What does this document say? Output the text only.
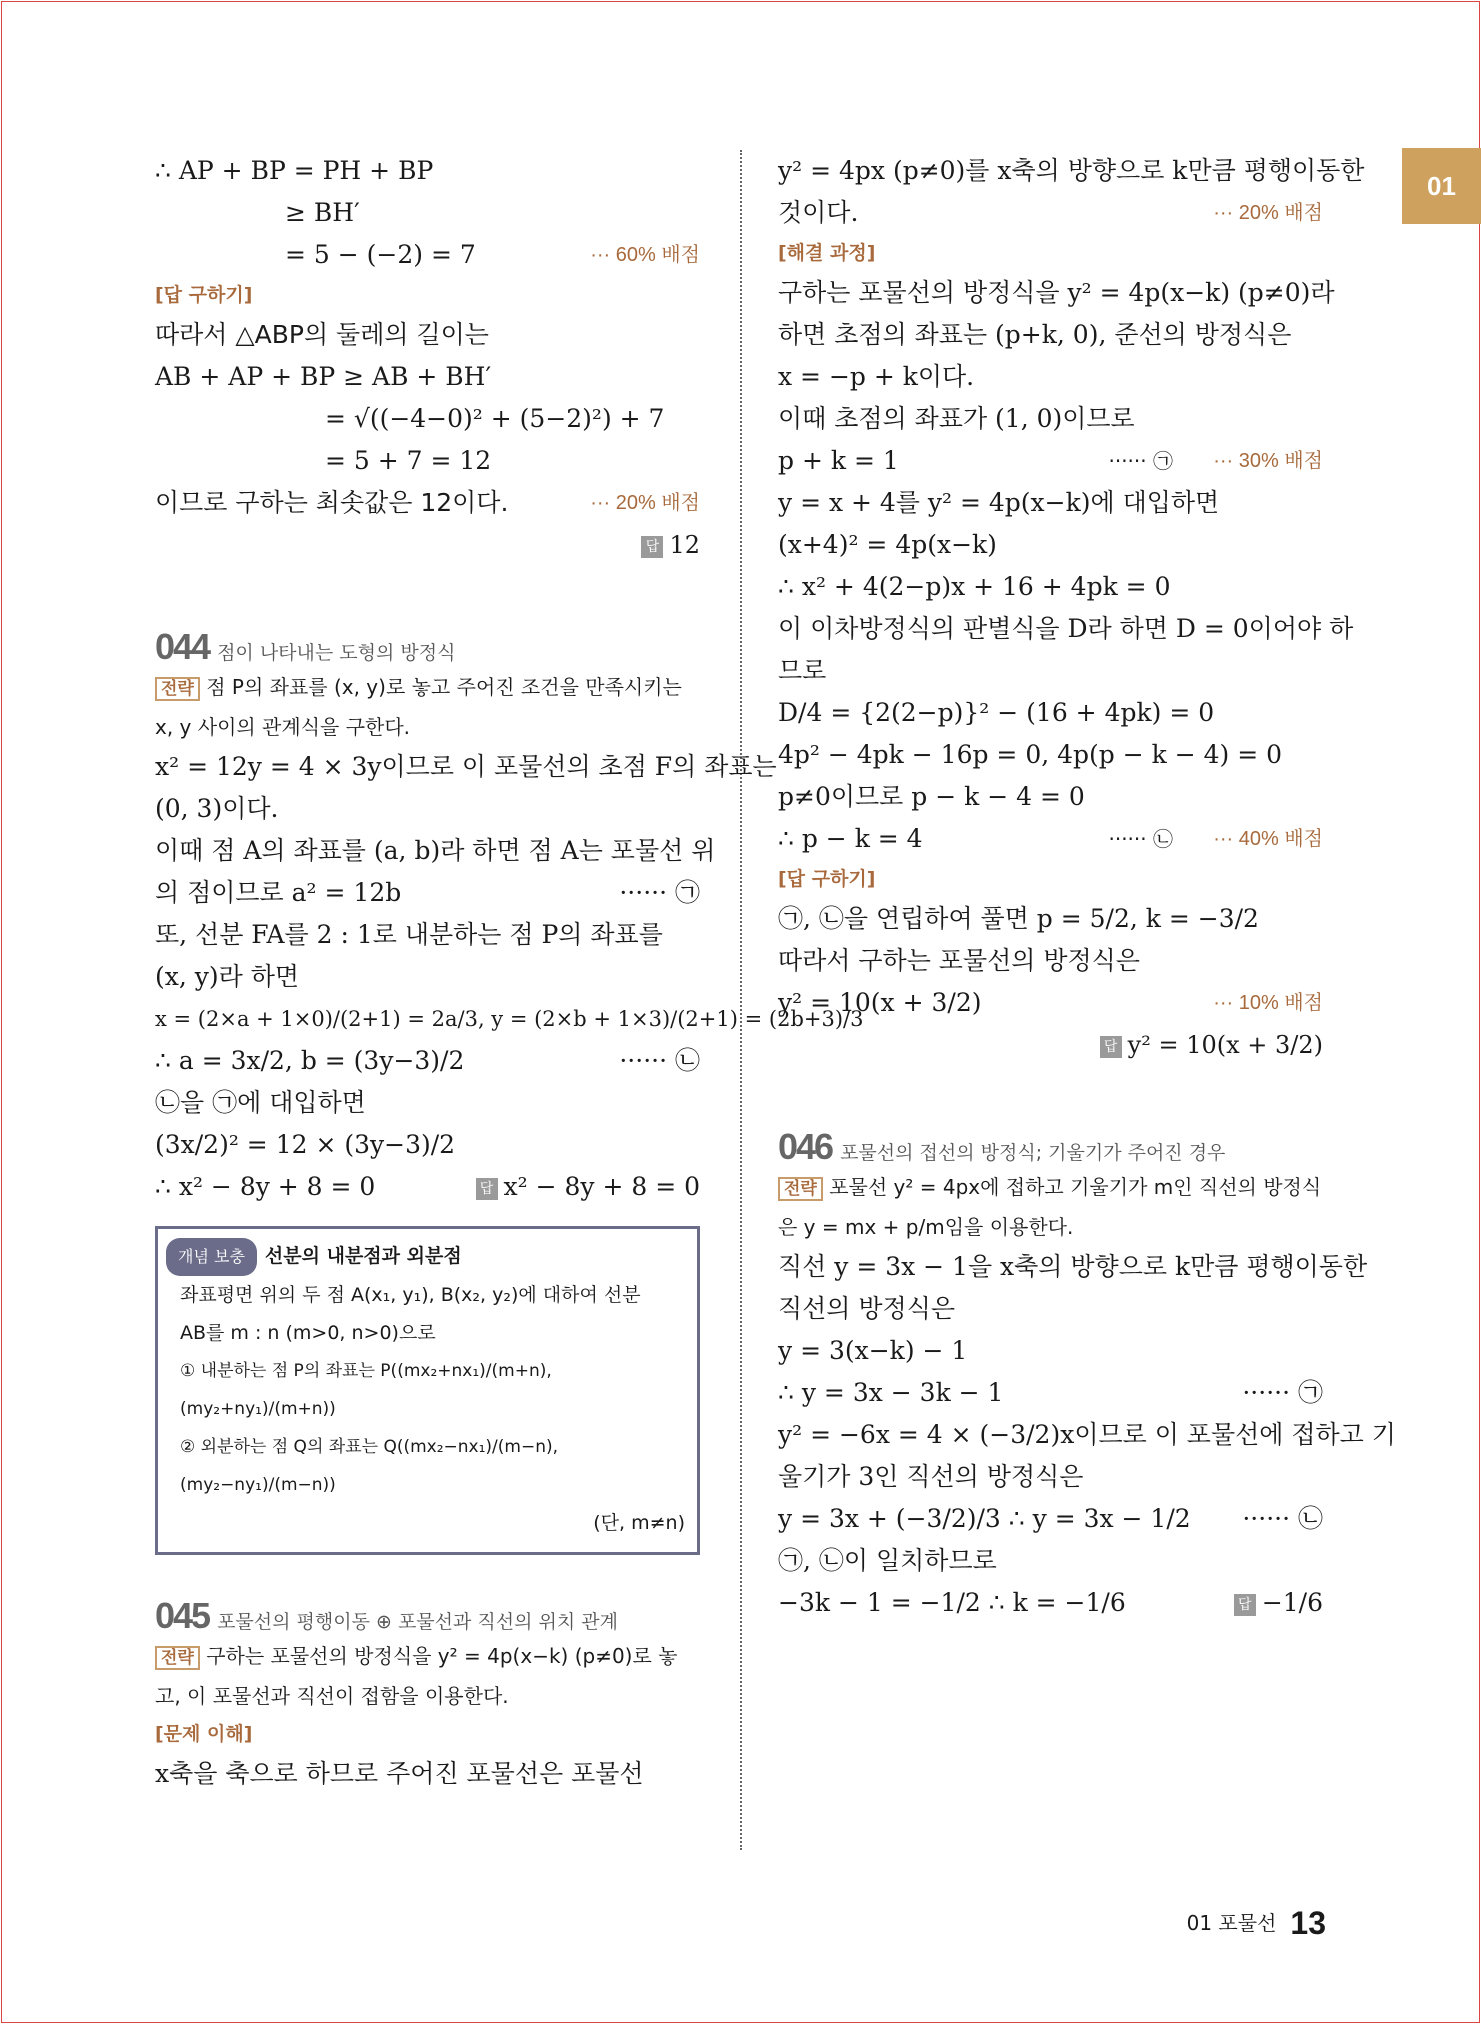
01
∴ AP + BP = PH + BP
≥ BH′
= 5 − (−2) = 7	··· 60% 배점
[답 구하기]
따라서 △ABP의 둘레의 길이는
AB + AP + BP ≥ AB + BH′
= √((−4−0)² + (5−2)²) + 7
= 5 + 7 = 12
이므로 구하는 최솟값은 12이다.	··· 20% 배점
답 12
044 점이 나타내는 도형의 방정식
전략 점 P의 좌표를 (x, y)로 놓고 주어진 조건을 만족시키는 x, y 사이의 관계식을 구한다.
x² = 12y = 4 × 3y이므로 이 포물선의 초점 F의 좌표는
(0, 3)이다.
이때 점 A의 좌표를 (a, b)라 하면 점 A는 포물선 위
의 점이므로 a² = 12b	······ ㉠
또, 선분 FA를 2 : 1로 내분하는 점 P의 좌표를
(x, y)라 하면
x = (2×a + 1×0)/(2+1) = 2a/3, y = (2×b + 1×3)/(2+1) = (2b+3)/3
∴ a = 3x/2, b = (3y−3)/2	······ ㉡
㉡을 ㉠에 대입하면
(3x/2)² = 12 × (3y−3)/2
∴ x² − 8y + 8 = 0	답 x² − 8y + 8 = 0
개념 보충 선분의 내분점과 외분점
좌표평면 위의 두 점 A(x₁, y₁), B(x₂, y₂)에 대하여 선분
AB를 m : n (m>0, n>0)으로
① 내분하는 점 P의 좌표는 P((mx₂+nx₁)/(m+n), (my₂+ny₁)/(m+n))
② 외분하는 점 Q의 좌표는 Q((mx₂−nx₁)/(m−n), (my₂−ny₁)/(m−n))
(단, m≠n)
045 포물선의 평행이동 ⊕ 포물선과 직선의 위치 관계
전략 구하는 포물선의 방정식을 y² = 4p(x−k) (p≠0)로 놓고, 이 포물선과 직선이 접함을 이용한다.
[문제 이해]
x축을 축으로 하므로 주어진 포물선은 포물선
y² = 4px (p≠0)를 x축의 방향으로 k만큼 평행이동한
것이다.	··· 20% 배점
[해결 과정]
구하는 포물선의 방정식을 y² = 4p(x−k) (p≠0)라
하면 초점의 좌표는 (p+k, 0), 준선의 방정식은
x = −p + k이다.
이때 초점의 좌표가 (1, 0)이므로
p + k = 1	······ ㉠ ··· 30% 배점
y = x + 4를 y² = 4p(x−k)에 대입하면
(x+4)² = 4p(x−k)
∴ x² + 4(2−p)x + 16 + 4pk = 0
이 이차방정식의 판별식을 D라 하면 D = 0이어야 하
므로
D/4 = {2(2−p)}² − (16 + 4pk) = 0
4p² − 4pk − 16p = 0, 4p(p − k − 4) = 0
p≠0이므로 p − k − 4 = 0
∴ p − k = 4	······ ㉡ ··· 40% 배점
[답 구하기]
㉠, ㉡을 연립하여 풀면 p = 5/2, k = −3/2
따라서 구하는 포물선의 방정식은
y² = 10(x + 3/2)	··· 10% 배점
답 y² = 10(x + 3/2)
046 포물선의 접선의 방정식; 기울기가 주어진 경우
전략 포물선 y² = 4px에 접하고 기울기가 m인 직선의 방정식은 y = mx + p/m임을 이용한다.
직선 y = 3x − 1을 x축의 방향으로 k만큼 평행이동한
직선의 방정식은
y = 3(x−k) − 1
∴ y = 3x − 3k − 1	······ ㉠
y² = −6x = 4 × (−3/2)x이므로 이 포물선에 접하고 기
울기가 3인 직선의 방정식은
y = 3x + (−3/2)/3 ∴ y = 3x − 1/2 ······ ㉡
㉠, ㉡이 일치하므로
−3k − 1 = −1/2 ∴ k = −1/6	답 −1/6
01 포물선 13
